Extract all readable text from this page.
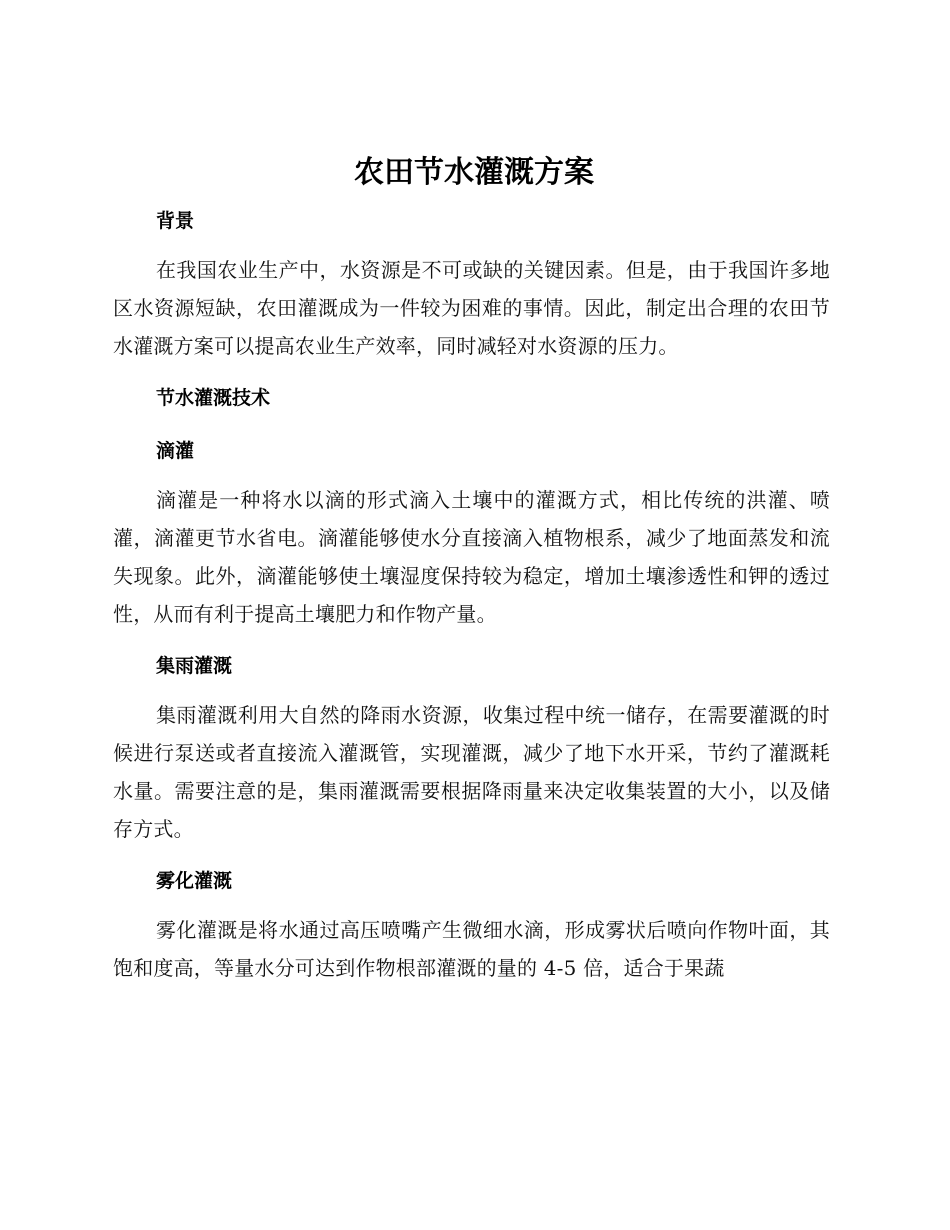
农田节水灌溉方案
背景

在我国农业生产中，水资源是不可或缺的关键因素。但是，由于我国许多地区水资源短缺，农田灌溉成为一件较为困难的事情。因此，制定出合理的农田节水灌溉方案可以提高农业生产效率，同时减轻对水资源的压力。

节水灌溉技术
滴灌

滴灌是一种将水以滴的形式滴入土壤中的灌溉方式，相比传统的洪灌、喷灌，滴灌更节水省电。滴灌能够使水分直接滴入植物根系，减少了地面蒸发和流失现象。此外，滴灌能够使土壤湿度保持较为稳定，增加土壤渗透性和钾的透过性，从而有利于提高土壤肥力和作物产量。

集雨灌溉

集雨灌溉利用大自然的降雨水资源，收集过程中统一储存，在需要灌溉的时候进行泵送或者直接流入灌溉管，实现灌溉，减少了地下水开采，节约了灌溉耗水量。需要注意的是，集雨灌溉需要根据降雨量来决定收集装置的大小，以及储存方式。

雾化灌溉

雾化灌溉是将水通过高压喷嘴产生微细水滴，形成雾状后喷向作物叶面，其饱和度高，等量水分可达到作物根部灌溉的量的 4-5 倍，适合于果蔬
